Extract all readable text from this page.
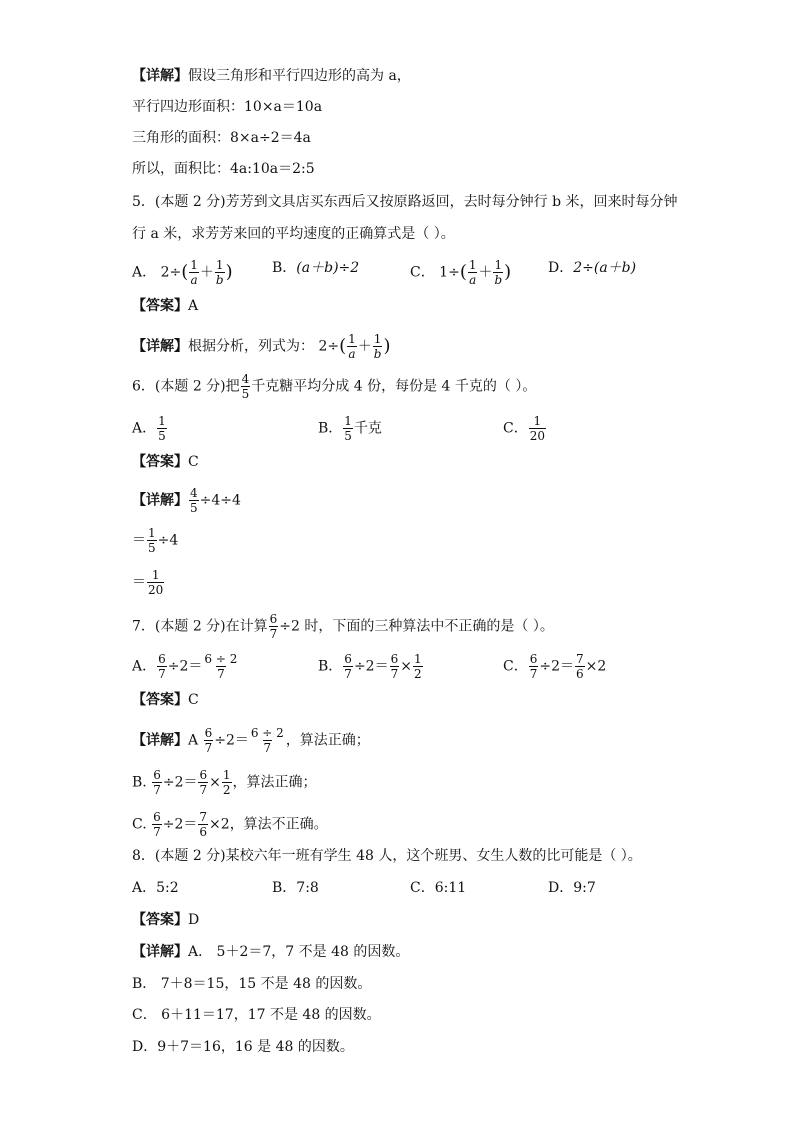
【详解】假设三角形和平行四边形的高为 a，
平行四边形面积：10×a＝10a
三角形的面积：8×a÷2＝4a
所以，面积比：4a:10a＝2:5
5．(本题 2 分)芳芳到文具店买东西后又按原路返回，去时每分钟行 b 米，回来时每分钟
行 a 米，求芳芳来回的平均速度的正确算式是（ ）。
A． $2\div( \frac{1}{a} + \frac{1}{b}$ )	B．(a＋b)÷2	C． $1\div( \frac{1}{a} + \frac{1}{b}$ )	D．2÷(a＋b)
【答案】A
【详解】根据分析，列式为： $2\div( \frac{1}{a} + \frac{1}{b}$ )
6．(本题 2 分)把 $\frac{4}{5}$ 千克糖平均分成 4 份，每份是 4 千克的（ ）。
A． $\frac{1}{5}$	B． $\frac{1}{5}$ 千克	C． $\frac{1}{20}$
【答案】C
【详解】 $\frac{4}{5} \div 4\div 4$
＝ $\frac{1}{5} \div 4$
＝ $\frac{1}{20}$
7．(本题 2 分)在计算 $\frac{6}{7} \div 2$ 时，下面的三种算法中不正确的是（ ）。
A． $\frac{6}{7} \div 2= \frac{6 \div 2}{7}$	B． $\frac{6}{7} \div 2= \frac{6}{7} \times \frac{1}{2}$	C． $\frac{6}{7} \div 2= \frac{7}{6} \times 2$
【答案】C
【详解】A $\frac{6}{7} \div 2= \frac{6 \div 2}{7}$ ，算法正确；
B. $\frac{6}{7} \div 2= \frac{6}{7} \times \frac{1}{2}$ ，算法正确；
C. $\frac{6}{7} \div 2= \frac{7}{6} \times 2$，算法不正确。
8．(本题 2 分)某校六年一班有学生 48 人，这个班男、女生人数的比可能是（ ）。
A．5:2	B．7:8	C．6:11	D．9:7
【答案】D
【详解】A． 5＋2＝7，7 不是 48 的因数。
B． 7＋8＝15，15 不是 48 的因数。
C． 6＋11＝17，17 不是 48 的因数。
D．9＋7＝16，16 是 48 的因数。
